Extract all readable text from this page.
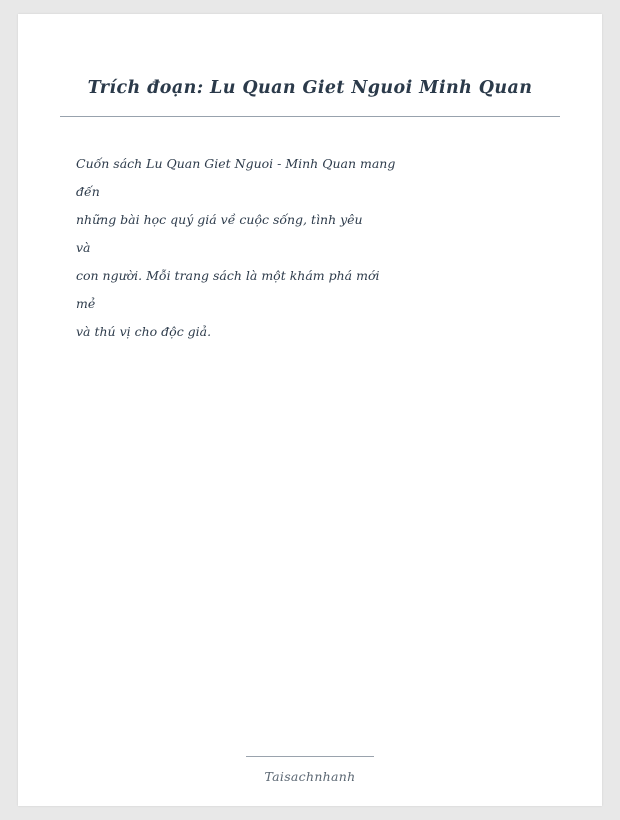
Trích đoạn: Lu Quan Giet Nguoi Minh Quan
Cuốn sách Lu Quan Giet Nguoi - Minh Quan mang
đến
những bài học quý giá về cuộc sống, tình yêu
và
con người. Mỗi trang sách là một khám phá mới
mẻ
và thú vị cho độc giả.
Taisachnhanh
